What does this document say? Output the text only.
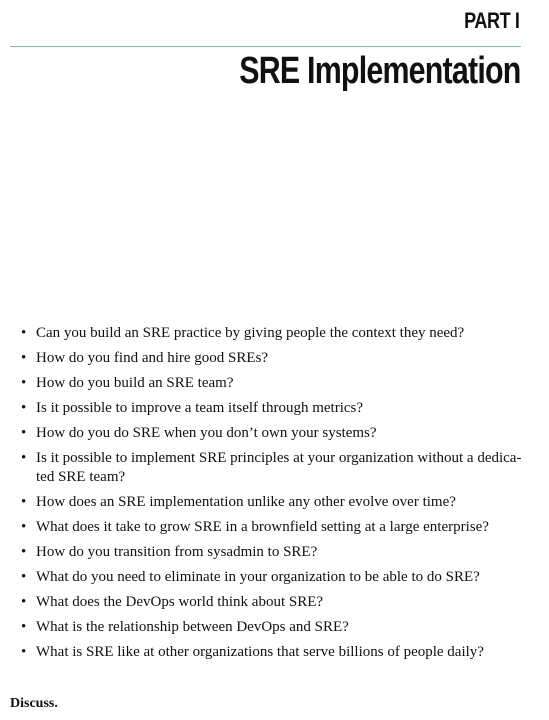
PART I
SRE Implementation
• Can you build an SRE practice by giving people the context they need?
• How do you find and hire good SREs?
• How do you build an SRE team?
• Is it possible to improve a team itself through metrics?
• How do you do SRE when you don’t own your systems?
• Is it possible to implement SRE principles at your organization without a dedica-ted SRE team?
• How does an SRE implementation unlike any other evolve over time?
• What does it take to grow SRE in a brownfield setting at a large enterprise?
• How do you transition from sysadmin to SRE?
• What do you need to eliminate in your organization to be able to do SRE?
• What does the DevOps world think about SRE?
• What is the relationship between DevOps and SRE?
• What is SRE like at other organizations that serve billions of people daily?
Discuss.
